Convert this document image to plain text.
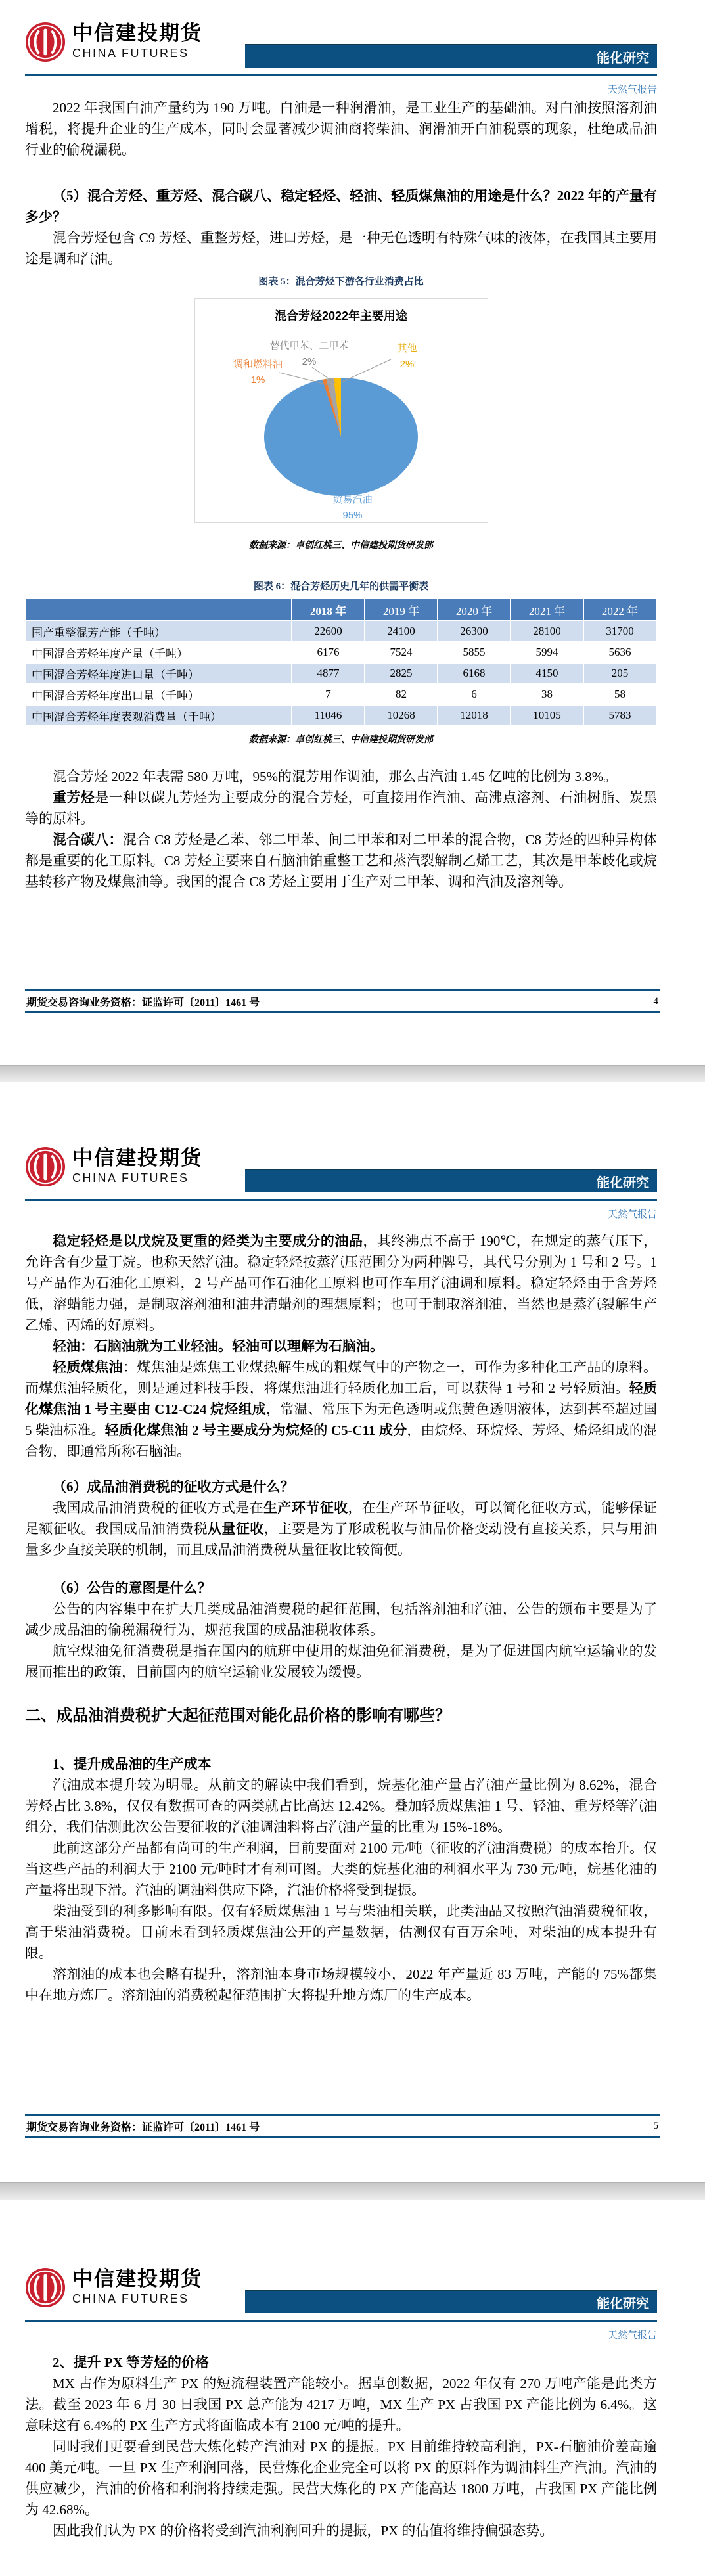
中信建投期货
CHINA FUTURES	能化研究
天然气报告

2022 年我国白油产量约为 190 万吨。白油是一种润滑油，是工业生产的基础油。对白油按照溶剂油增税，将提升企业的生产成本，同时会显著减少调油商将柴油、润滑油开白油税票的现象，杜绝成品油行业的偷税漏税。

（5）混合芳烃、重芳烃、混合碳八、稳定轻烃、轻油、轻质煤焦油的用途是什么？2022 年的产量有多少？

混合芳烃包含 C9 芳烃、重整芳烃，进口芳烃，是一种无色透明有特殊气味的液体，在我国其主要用途是调和汽油。

图表 5：混合芳烃下游各行业消费占比

混合芳烃2022年主要用途
替代甲苯、二甲苯
2%
调和燃料油
1%
其他
2%
贸易汽油
95%

数据来源：卓创红桃三、中信建投期货研发部

图表 6：混合芳烃历史几年的供需平衡表

	2018 年	2019 年	2020 年	2021 年	2022 年
国产重整混芳产能（千吨）	22600	24100	26300	28100	31700
中国混合芳烃年度产量（千吨）	6176	7524	5855	5994	5636
中国混合芳烃年度进口量（千吨）	4877	2825	6168	4150	205
中国混合芳烃年度出口量（千吨）	7	82	6	38	58
中国混合芳烃年度表观消费量（千吨）	11046	10268	12018	10105	5783

数据来源：卓创红桃三、中信建投期货研发部

混合芳烃 2022 年表需 580 万吨，95%的混芳用作调油，那么占汽油 1.45 亿吨的比例为 3.8%。

重芳烃是一种以碳九芳烃为主要成分的混合芳烃，可直接用作汽油、高沸点溶剂、石油树脂、炭黑等的原料。

混合碳八：混合 C8 芳烃是乙苯、邻二甲苯、间二甲苯和对二甲苯的混合物，C8 芳烃的四种异构体都是重要的化工原料。C8 芳烃主要来自石脑油铂重整工艺和蒸汽裂解制乙烯工艺，其次是甲苯歧化或烷基转移产物及煤焦油等。我国的混合 C8 芳烃主要用于生产对二甲苯、调和汽油及溶剂等。

期货交易咨询业务资格：证监许可〔2011〕1461 号	4
中信建投期货
CHINA FUTURES	能化研究
天然气报告

稳定轻烃是以戊烷及更重的烃类为主要成分的油品，其终沸点不高于 190℃，在规定的蒸气压下，允许含有少量丁烷。也称天然汽油。稳定轻烃按蒸汽压范围分为两种牌号，其代号分别为 1 号和 2 号。1 号产品作为石油化工原料，2 号产品可作石油化工原料也可作车用汽油调和原料。稳定轻烃由于含芳烃低，溶蜡能力强，是制取溶剂油和油井清蜡剂的理想原料；也可于制取溶剂油，当然也是蒸汽裂解生产乙烯、丙烯的好原料。

轻油：石脑油就为工业轻油。轻油可以理解为石脑油。

轻质煤焦油：煤焦油是炼焦工业煤热解生成的粗煤气中的产物之一，可作为多种化工产品的原料。而煤焦油轻质化，则是通过科技手段，将煤焦油进行轻质化加工后，可以获得 1 号和 2 号轻质油。轻质化煤焦油 1 号主要由 C12-C24 烷烃组成，常温、常压下为无色透明或焦黄色透明液体，达到甚至超过国 5 柴油标准。轻质化煤焦油 2 号主要成分为烷烃的 C5-C11 成分，由烷烃、环烷烃、芳烃、烯烃组成的混合物，即通常所称石脑油。

（6）成品油消费税的征收方式是什么？

我国成品油消费税的征收方式是在生产环节征收，在生产环节征收，可以简化征收方式，能够保证足额征收。我国成品油消费税从量征收，主要是为了形成税收与油品价格变动没有直接关系，只与用油量多少直接关联的机制，而且成品油消费税从量征收比较简便。

（6）公告的意图是什么？

公告的内容集中在扩大几类成品油消费税的起征范围，包括溶剂油和汽油，公告的颁布主要是为了减少成品油的偷税漏税行为，规范我国的成品油税收体系。

航空煤油免征消费税是指在国内的航班中使用的煤油免征消费税，是为了促进国内航空运输业的发展而推出的政策，目前国内的航空运输业发展较为缓慢。

二、成品油消费税扩大起征范围对能化品价格的影响有哪些？

1、提升成品油的生产成本

汽油成本提升较为明显。从前文的解读中我们看到，烷基化油产量占汽油产量比例为 8.62%，混合芳烃占比 3.8%，仅仅有数据可查的两类就占比高达 12.42%。叠加轻质煤焦油 1 号、轻油、重芳烃等汽油组分，我们估测此次公告要征收的汽油调油料将占汽油产量的比重为 15%-18%。

此前这部分产品都有尚可的生产利润，目前要面对 2100 元/吨（征收的汽油消费税）的成本抬升。仅当这些产品的利润大于 2100 元/吨时才有利可图。大类的烷基化油的利润水平为 730 元/吨，烷基化油的产量将出现下滑。汽油的调油料供应下降，汽油价格将受到提振。

柴油受到的利多影响有限。仅有轻质煤焦油 1 号与柴油相关联，此类油品又按照汽油消费税征收，高于柴油消费税。目前未看到轻质煤焦油公开的产量数据，估测仅有百万余吨，对柴油的成本提升有限。

溶剂油的成本也会略有提升，溶剂油本身市场规模较小，2022 年产量近 83 万吨，产能的 75%都集中在地方炼厂。溶剂油的消费税起征范围扩大将提升地方炼厂的生产成本。

期货交易咨询业务资格：证监许可〔2011〕1461 号	5
中信建投期货
CHINA FUTURES	能化研究
天然气报告

2、提升 PX 等芳烃的价格

MX 占作为原料生产 PX 的短流程装置产能较小。据卓创数据，2022 年仅有 270 万吨产能是此类方法。截至 2023 年 6 月 30 日我国 PX 总产能为 4217 万吨，MX 生产 PX 占我国 PX 产能比例为 6.4%。这意味这有 6.4%的 PX 生产方式将面临成本有 2100 元/吨的提升。

同时我们更要看到民营大炼化转产汽油对 PX 的提振。PX 目前维持较高利润，PX-石脑油价差高逾 400 美元/吨。一旦 PX 生产利润回落，民营炼化企业完全可以将 PX 的原料作为调油料生产汽油。汽油的供应减少，汽油的价格和利润将持续走强。民营大炼化的 PX 产能高达 1800 万吨，占我国 PX 产能比例为 42.68%。

因此我们认为 PX 的价格将受到汽油利润回升的提振，PX 的估值将维持偏强态势。
